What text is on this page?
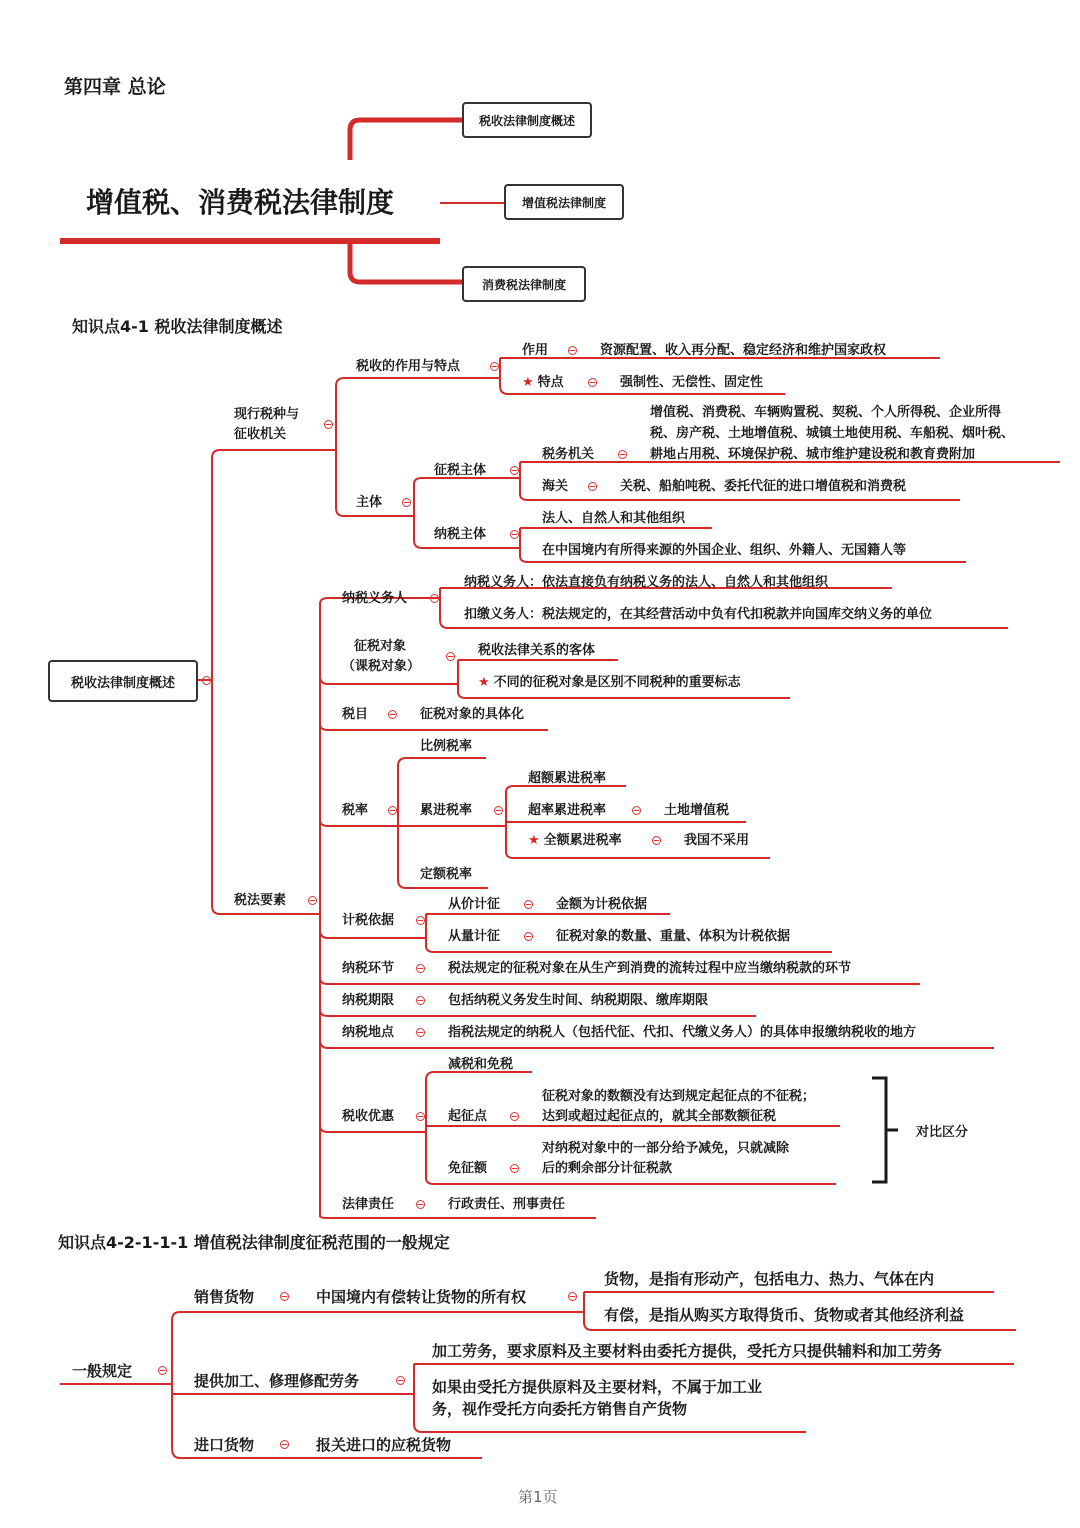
第四章 总论
增值税、消费税法律制度
税收法律制度概述
增值税法律制度
消费税法律制度
知识点4-1 税收法律制度概述
税收法律制度概述
现行税种与
征收机关
税收的作用与特点
作用	资源配置、收入再分配、稳定经济和维护国家政权
★ 特点	强制性、无偿性、固定性
主体
征税主体
税务机关
增值税、消费税、车辆购置税、契税、个人所得税、企业所得
税、房产税、土地增值税、城镇土地使用税、车船税、烟叶税、
耕地占用税、环境保护税、城市维护建设税和教育费附加
海关	关税、船舶吨税、委托代征的进口增值税和消费税
纳税主体
法人、自然人和其他组织
在中国境内有所得来源的外国企业、组织、外籍人、无国籍人等
税法要素
纳税义务人
纳税义务人：依法直接负有纳税义务的法人、自然人和其他组织
扣缴义务人：税法规定的，在其经营活动中负有代扣税款并向国库交纳义务的单位
征税对象
（课税对象）
税收法律关系的客体
★ 不同的征税对象是区别不同税种的重要标志
税目	征税对象的具体化
税率
比例税率
累进税率
超额累进税率
超率累进税率	土地增值税
★ 全额累进税率	我国不采用
定额税率
计税依据
从价计征	金额为计税依据
从量计征	征税对象的数量、重量、体积为计税依据
纳税环节	税法规定的征税对象在从生产到消费的流转过程中应当缴纳税款的环节
纳税期限	包括纳税义务发生时间、纳税期限、缴库期限
纳税地点	指税法规定的纳税人（包括代征、代扣、代缴义务人）的具体申报缴纳税收的地方
税收优惠
减税和免税
起征点
征税对象的数额没有达到规定起征点的不征税；
达到或超过起征点的，就其全部数额征税
免征额
对纳税对象中的一部分给予减免，只就减除
后的剩余部分计征税款
对比区分
法律责任	行政责任、刑事责任
知识点4-2-1-1-1 增值税法律制度征税范围的一般规定
一般规定
销售货物	中国境内有偿转让货物的所有权
货物，是指有形动产，包括电力、热力、气体在内
有偿，是指从购买方取得货币、货物或者其他经济利益
提供加工、修理修配劳务
加工劳务，要求原料及主要材料由委托方提供，受托方只提供辅料和加工劳务
如果由受托方提供原料及主要材料，不属于加工业
务，视作受托方向委托方销售自产货物
进口货物	报关进口的应税货物
第1页
